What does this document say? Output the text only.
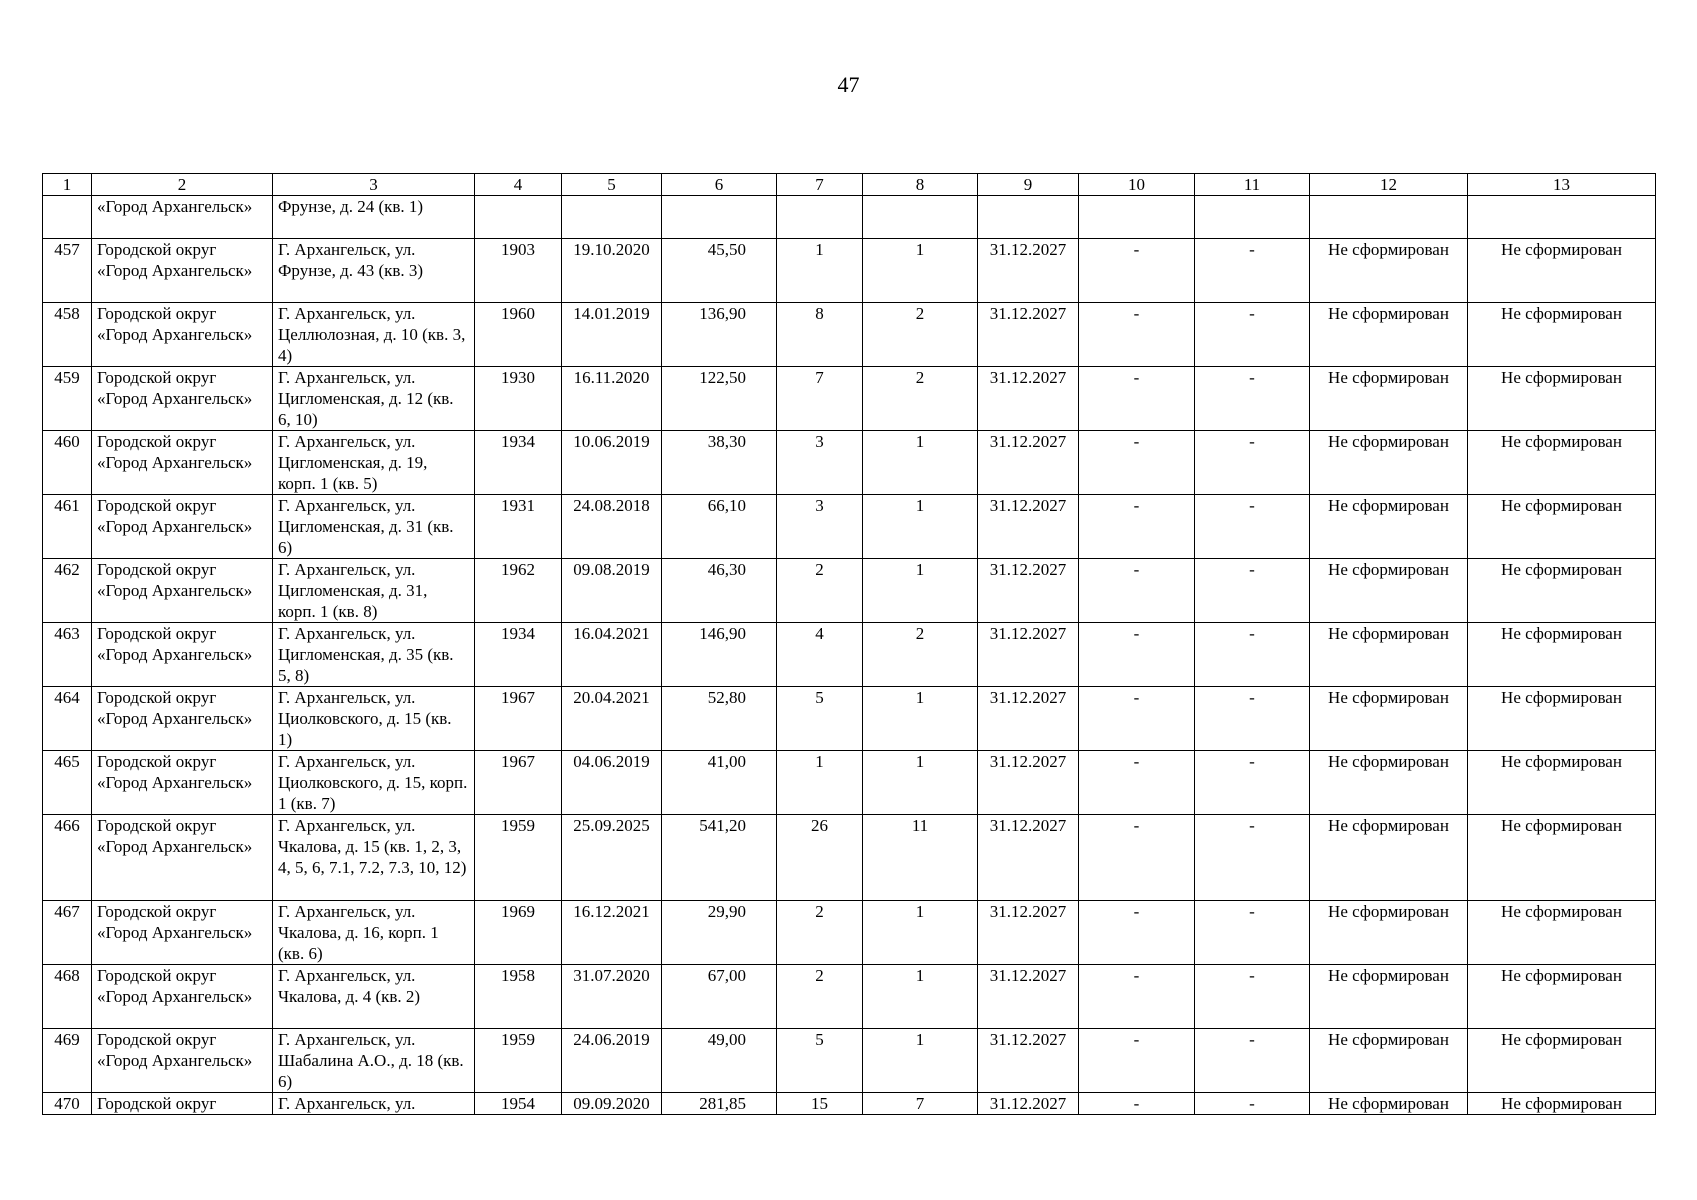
47
1	2	3	4	5	6	7	8	9	10	11	12	13
	«Город Архангельск»	Фрунзе, д. 24 (кв. 1)										
457	Городской округ «Город Архангельск»	Г. Архангельск, ул. Фрунзе, д. 43 (кв. 3)	1903	19.10.2020	45,50	1	1	31.12.2027	-	-	Не сформирован	Не сформирован
458	Городской округ «Город Архангельск»	Г. Архангельск, ул. Целлюлозная, д. 10 (кв. 3, 4)	1960	14.01.2019	136,90	8	2	31.12.2027	-	-	Не сформирован	Не сформирован
459	Городской округ «Город Архангельск»	Г. Архангельск, ул. Цигломенская, д. 12 (кв. 6, 10)	1930	16.11.2020	122,50	7	2	31.12.2027	-	-	Не сформирован	Не сформирован
460	Городской округ «Город Архангельск»	Г. Архангельск, ул. Цигломенская, д. 19, корп. 1 (кв. 5)	1934	10.06.2019	38,30	3	1	31.12.2027	-	-	Не сформирован	Не сформирован
461	Городской округ «Город Архангельск»	Г. Архангельск, ул. Цигломенская, д. 31 (кв. 6)	1931	24.08.2018	66,10	3	1	31.12.2027	-	-	Не сформирован	Не сформирован
462	Городской округ «Город Архангельск»	Г. Архангельск, ул. Цигломенская, д. 31, корп. 1 (кв. 8)	1962	09.08.2019	46,30	2	1	31.12.2027	-	-	Не сформирован	Не сформирован
463	Городской округ «Город Архангельск»	Г. Архангельск, ул. Цигломенская, д. 35 (кв. 5, 8)	1934	16.04.2021	146,90	4	2	31.12.2027	-	-	Не сформирован	Не сформирован
464	Городской округ «Город Архангельск»	Г. Архангельск, ул. Циолковского, д. 15 (кв. 1)	1967	20.04.2021	52,80	5	1	31.12.2027	-	-	Не сформирован	Не сформирован
465	Городской округ «Город Архангельск»	Г. Архангельск, ул. Циолковского, д. 15, корп. 1 (кв. 7)	1967	04.06.2019	41,00	1	1	31.12.2027	-	-	Не сформирован	Не сформирован
466	Городской округ «Город Архангельск»	Г. Архангельск, ул. Чкалова, д. 15 (кв. 1, 2, 3, 4, 5, 6, 7.1, 7.2, 7.3, 10, 12)	1959	25.09.2025	541,20	26	11	31.12.2027	-	-	Не сформирован	Не сформирован
467	Городской округ «Город Архангельск»	Г. Архангельск, ул. Чкалова, д. 16, корп. 1 (кв. 6)	1969	16.12.2021	29,90	2	1	31.12.2027	-	-	Не сформирован	Не сформирован
468	Городской округ «Город Архангельск»	Г. Архангельск, ул. Чкалова, д. 4 (кв. 2)	1958	31.07.2020	67,00	2	1	31.12.2027	-	-	Не сформирован	Не сформирован
469	Городской округ «Город Архангельск»	Г. Архангельск, ул. Шабалина А.О., д. 18 (кв. 6)	1959	24.06.2019	49,00	5	1	31.12.2027	-	-	Не сформирован	Не сформирован
470	Городской округ	Г. Архангельск, ул.	1954	09.09.2020	281,85	15	7	31.12.2027	-	-	Не сформирован	Не сформирован
